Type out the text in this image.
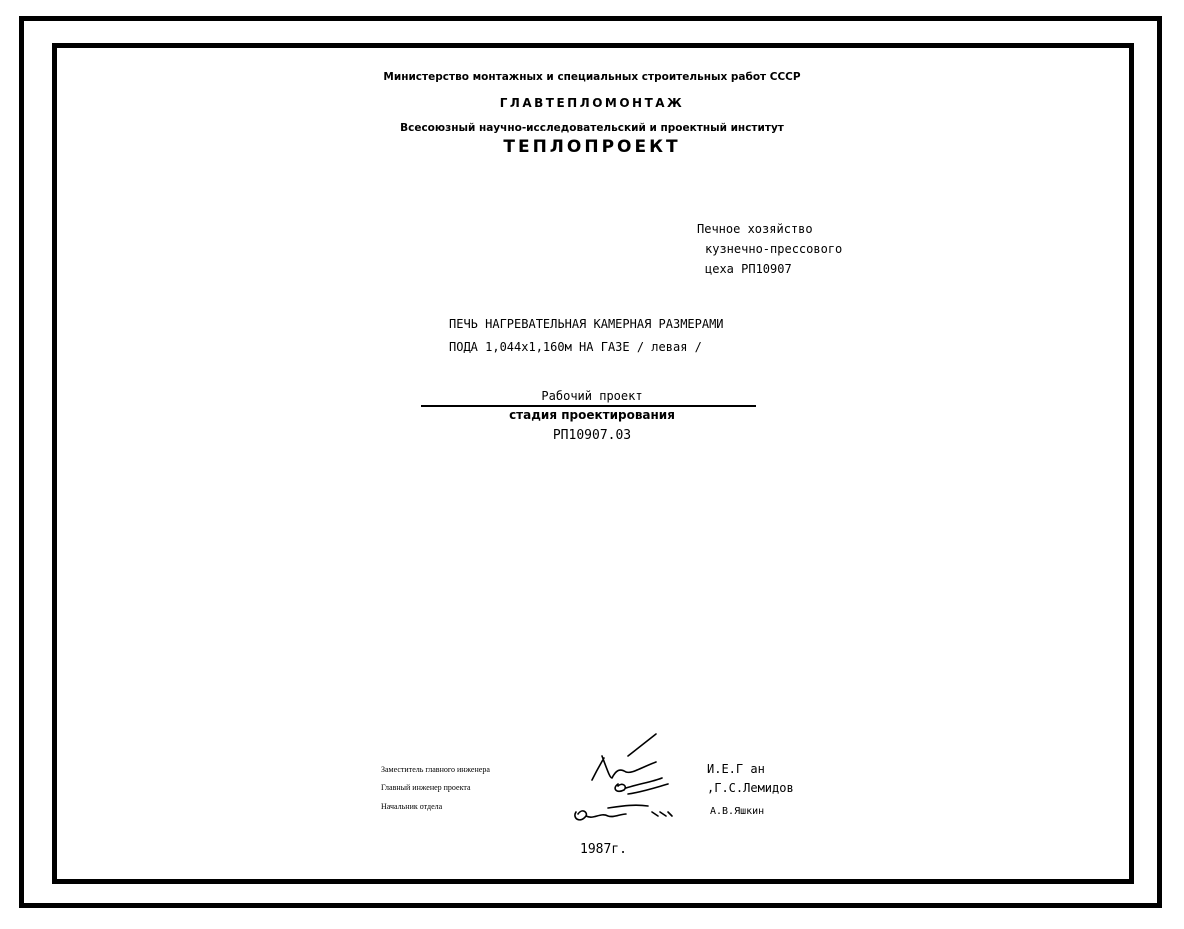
Министерство монтажных и специальных строительных работ СССР
ГЛАВТЕПЛОМОНТАЖ
Всесоюзный научно-исследовательский и проектный институт
ТЕПЛОПРОЕКТ
Печное хозяйство
кузнечно-прессового
цеха РП10907
ПЕЧЬ НАГРЕВАТЕЛЬНАЯ КАМЕРНАЯ РАЗМЕРАМИ
ПОДА 1,044х1,160м НА ГАЗЕ / левая /
Рабочий проект
стадия проектирования
РП10907.03
Заместитель главного инженера
Главный инженер проекта
Начальник отдела
И.Е.Г ан
,Г.С.Лемидов
А.В.Яшкин
1987г.
